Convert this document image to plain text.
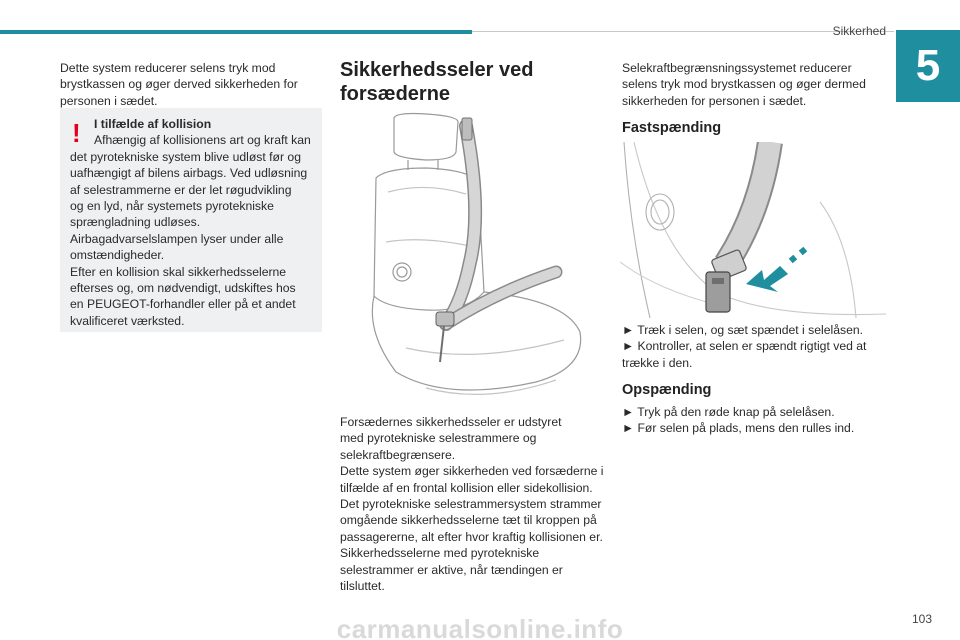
Sikkerhed
5

Dette system reducerer selens tryk mod brystkassen og øger derved sikkerheden for personen i sædet.

!	I tilfælde af kollision

Afhængig af kollisionens art og kraft kan

det pyrotekniske system blive udløst før og

uafhængigt af bilens airbags. Ved udløsning

af selestrammerne er der let røgudvikling

og en lyd, når systemets pyrotekniske

sprængladning udløses.

Airbagadvarselslampen lyser under alle

omstændigheder.

Efter en kollision skal sikkerhedsselerne

efterses og, om nødvendigt, udskiftes hos

en PEUGEOT-forhandler eller på et andet

kvalificeret værksted.

Sikkerhedsseler ved
forsæderne

Forsædernes sikkerhedsseler er udstyret

med pyrotekniske selestrammere og

selekraftbegrænsere.

Dette system øger sikkerheden ved forsæderne i

tilfælde af en frontal kollision eller sidekollision.

Det pyrotekniske selestrammersystem strammer

omgående sikkerhedsselerne tæt til kroppen på

passagererne, alt efter hvor kraftig kollisionen er.

Sikkerhedsselerne med pyrotekniske

selestrammer er aktive, når tændingen er

tilsluttet.

Selekraftbegrænsningssystemet reducerer

selens tryk mod brystkassen og øger dermed

sikkerheden for personen i sædet.

Fastspænding

► Træk i selen, og sæt spændet i selelåsen.

► Kontroller, at selen er spændt rigtigt ved at

trække i den.

Opspænding

► Tryk på den røde knap på selelåsen.

► Før selen på plads, mens den rulles ind.

103
carmanualsonline.info
